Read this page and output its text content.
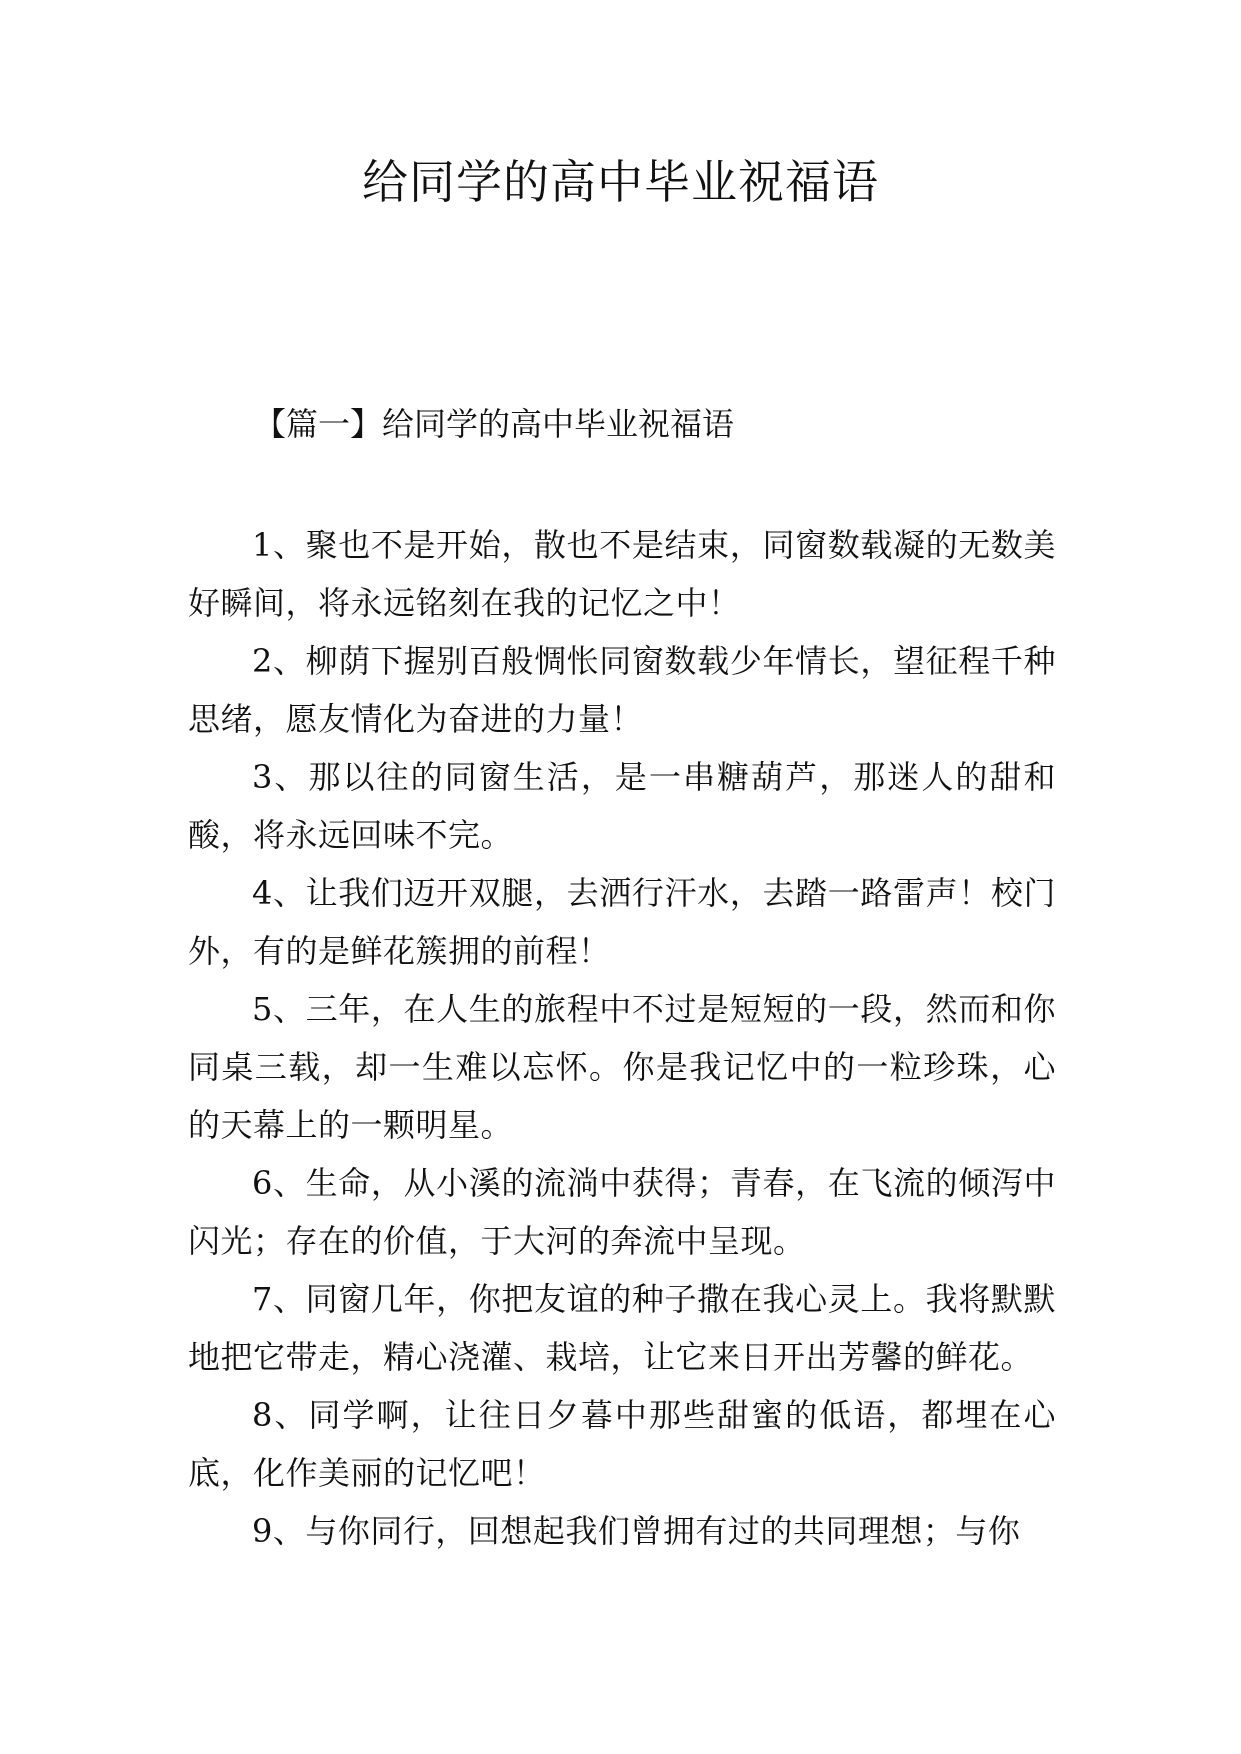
给同学的高中毕业祝福语
【篇一】给同学的高中毕业祝福语

1、聚也不是开始，散也不是结束，同窗数载凝的无数美好瞬间，将永远铭刻在我的记忆之中！

2、柳荫下握别百般惆怅同窗数载少年情长，望征程千种思绪，愿友情化为奋进的力量！

3、那以往的同窗生活，是一串糖葫芦，那迷人的甜和酸，将永远回味不完。

4、让我们迈开双腿，去洒行汗水，去踏一路雷声！校门外，有的是鲜花簇拥的前程！

5、三年，在人生的旅程中不过是短短的一段，然而和你同桌三载，却一生难以忘怀。你是我记忆中的一粒珍珠，心的天幕上的一颗明星。

6、生命，从小溪的流淌中获得；青春，在飞流的倾泻中闪光；存在的价值，于大河的奔流中呈现。

7、同窗几年，你把友谊的种子撒在我心灵上。我将默默地把它带走，精心浇灌、栽培，让它来日开出芳馨的鲜花。

8、同学啊，让往日夕暮中那些甜蜜的低语，都埋在心底，化作美丽的记忆吧！

9、与你同行，回想起我们曾拥有过的共同理想；与你
